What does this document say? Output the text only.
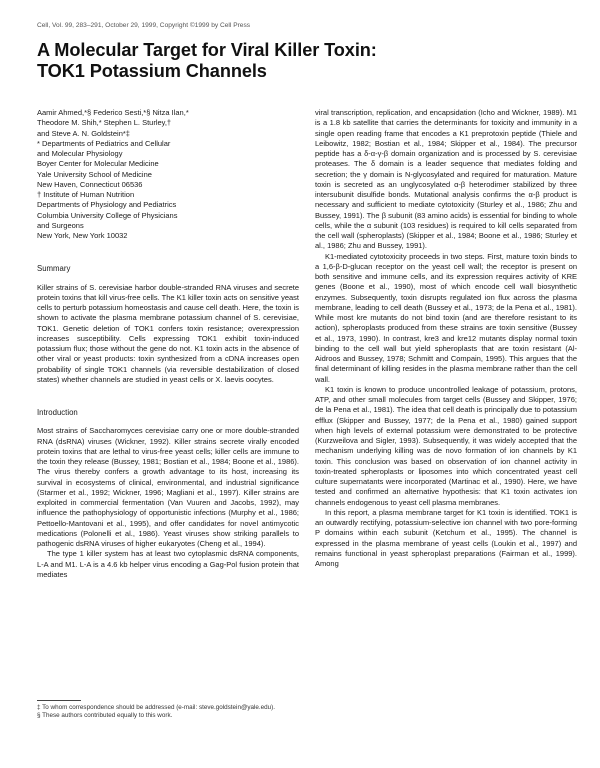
Cell, Vol. 99, 283–291, October 29, 1999, Copyright ©1999 by Cell Press
A Molecular Target for Viral Killer Toxin:
TOK1 Potassium Channels
Aamir Ahmed,*§ Federico Sesti,*§ Nitza Ilan,*
Theodore M. Shih,* Stephen L. Sturley,†
and Steve A. N. Goldstein*‡
* Departments of Pediatrics and Cellular
and Molecular Physiology
Boyer Center for Molecular Medicine
Yale University School of Medicine
New Haven, Connecticut 06536
† Institute of Human Nutrition
Departments of Physiology and Pediatrics
Columbia University College of Physicians
and Surgeons
New York, New York 10032
Summary

Killer strains of S. cerevisiae harbor double-stranded RNA viruses and secrete protein toxins that kill virus-free cells. The K1 killer toxin acts on sensitive yeast cells to perturb potassium homeostasis and cause cell death. Here, the toxin is shown to activate the plasma membrane potassium channel of S. cerevisiae, TOK1. Genetic deletion of TOK1 confers toxin resistance; overexpression increases susceptibility. Cells expressing TOK1 exhibit toxin-induced potassium flux; those without the gene do not. K1 toxin acts in the absence of other viral or yeast products: toxin synthesized from a cDNA increases open probability of single TOK1 channels (via reversible destabilization of closed states) whether channels are studied in yeast cells or X. laevis oocytes.

Introduction

Most strains of Saccharomyces cerevisiae carry one or more double-stranded RNA (dsRNA) viruses (Wickner, 1992). Killer strains secrete virally encoded protein toxins that are lethal to virus-free yeast cells; killer cells are immune to the toxin they release (Bussey, 1981; Bostian et al., 1984; Boone et al., 1986). The virus thereby confers a growth advantage to its host, increasing its survival in ecosystems of clinical, environmental, and industrial significance (Starmer et al., 1992; Wickner, 1996; Magliani et al., 1997). Killer strains are exploited in commercial fermentation (Van Vuuren and Jacobs, 1992), may influence the pathophysiology of opportunistic infections (Murphy et al., 1986; Pettoello-Mantovani et al., 1995), and offer candidates for novel antimycotic medications (Polonelli et al., 1986). Yeast viruses show striking parallels to pathogenic dsRNA viruses of higher eukaryotes (Cheng et al., 1994).

The type 1 killer system has at least two cytoplasmic dsRNA components, L-A and M1. L-A is a 4.6 kb helper virus encoding a Gag-Pol fusion protein that mediates

viral transcription, replication, and encapsidation (Icho and Wickner, 1989). M1 is a 1.8 kb satellite that carries the determinants for toxicity and immunity in a single open reading frame that encodes a K1 preprotoxin peptide (Thiele and Leibowitz, 1982; Bostian et al., 1984; Skipper et al., 1984). The precursor peptide has a δ-α-γ-β domain organization and is processed by S. cerevisiae proteases. The δ domain is a leader sequence that mediates folding and secretion; the γ domain is N-glycosylated and required for maturation. Mature toxin is secreted as an unglycosylated α-β heterodimer stabilized by three intersubunit disulfide bonds. Mutational analysis confirms the α-β product is necessary and sufficient to mediate cytotoxicity (Sturley et al., 1986; Zhu and Bussey, 1991). The β subunit (83 amino acids) is essential for binding to whole cells, while the α subunit (103 residues) is required to kill cells separated from the cell wall (spheroplasts) (Skipper et al., 1984; Boone et al., 1986; Sturley et al., 1986; Zhu and Bussey, 1991).

K1-mediated cytotoxicity proceeds in two steps. First, mature toxin binds to a 1,6-β-D-glucan receptor on the yeast cell wall; the receptor is present on both sensitive and immune cells, and its expression requires activity of KRE genes (Boone et al., 1990), most of which encode cell wall biosynthetic enzymes. Subsequently, toxin disrupts regulated ion flux across the plasma membrane, leading to cell death (Bussey et al., 1973; de la Pena et al., 1981). While most kre mutants do not bind toxin (and are therefore resistant to its action), spheroplasts produced from these strains are toxin sensitive (Bussey et al., 1973, 1990). In contrast, kre3 and kre12 mutants display normal toxin binding to the cell wall but yield spheroplasts that are toxin resistant (Al-Aidroos and Bussey, 1978; Schmitt and Compain, 1995). This argues that the final determinant of killing resides in the plasma membrane rather than the cell wall.

K1 toxin is known to produce uncontrolled leakage of potassium, protons, ATP, and other small molecules from target cells (Bussey and Skipper, 1976; de la Pena et al., 1981). The idea that cell death is principally due to potassium efflux (Skipper and Bussey, 1977; de la Pena et al., 1980) gained support when high levels of external potassium were demonstrated to be protective (Kurzweilova and Sigler, 1993). Subsequently, it was widely accepted that the mechanism underlying killing was de novo formation of ion channels by K1 toxin. This conclusion was based on observation of ion channel activity in toxin-treated spheroplasts or liposomes into which concentrated yeast cell culture supernatants were incorporated (Martinac et al., 1990). Here, we have tested and confirmed an alternative hypothesis: that K1 toxin activates ion channels endogenous to yeast cell plasma membranes.

In this report, a plasma membrane target for K1 toxin is identified. TOK1 is an outwardly rectifying, potassium-selective ion channel with two pore-forming P domains within each subunit (Ketchum et al., 1995). The channel is expressed in the plasma membrane of yeast cells (Loukin et al., 1997) and remains functional in yeast spheroplast preparations (Fairman et al., 1999). Among

‡ To whom correspondence should be addressed (e-mail: steve.goldstein@yale.edu).
§ These authors contributed equally to this work.
